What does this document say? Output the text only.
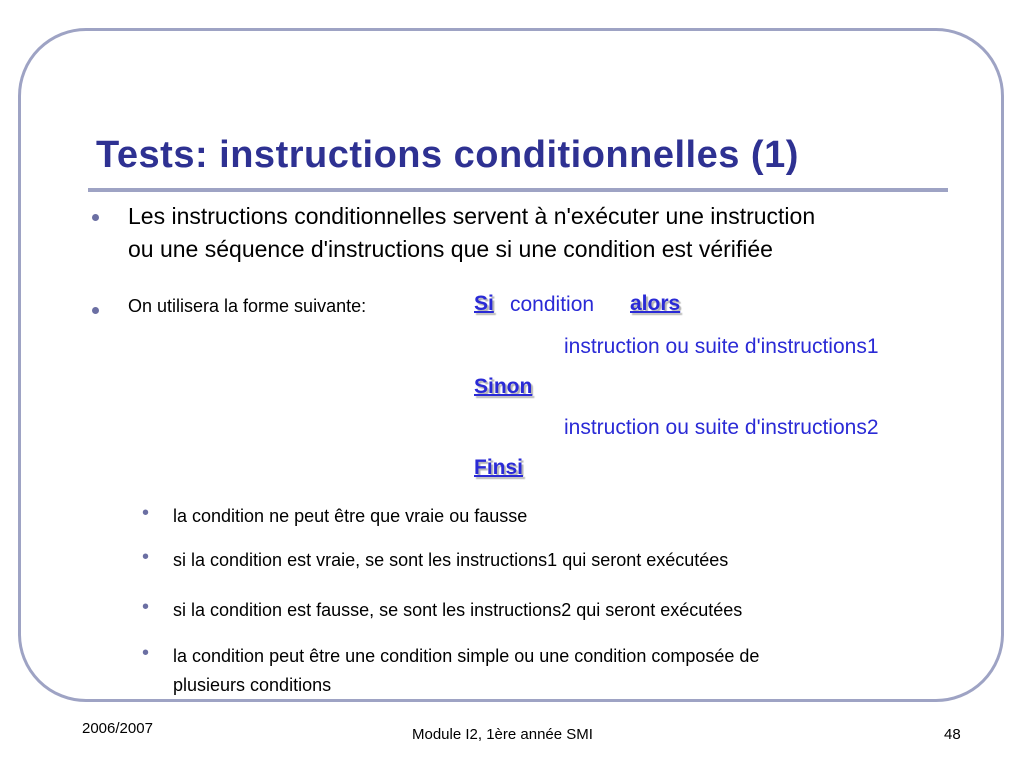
Tests: instructions conditionnelles (1)
Les instructions conditionnelles servent à n'exécuter une instruction
ou une séquence d'instructions que si une condition est vérifiée
On utilisera la forme suivante:	Si condition alors
instruction ou suite d'instructions1
Sinon
instruction ou suite d'instructions2
Finsi
• la condition ne peut être que vraie ou fausse
• si la condition est vraie, se sont les instructions1 qui seront exécutées
• si la condition est fausse, se sont les instructions2 qui seront exécutées
• la condition peut être une condition simple ou une condition composée de
plusieurs conditions
2006/2007	Module I2, 1ère année SMI	48
